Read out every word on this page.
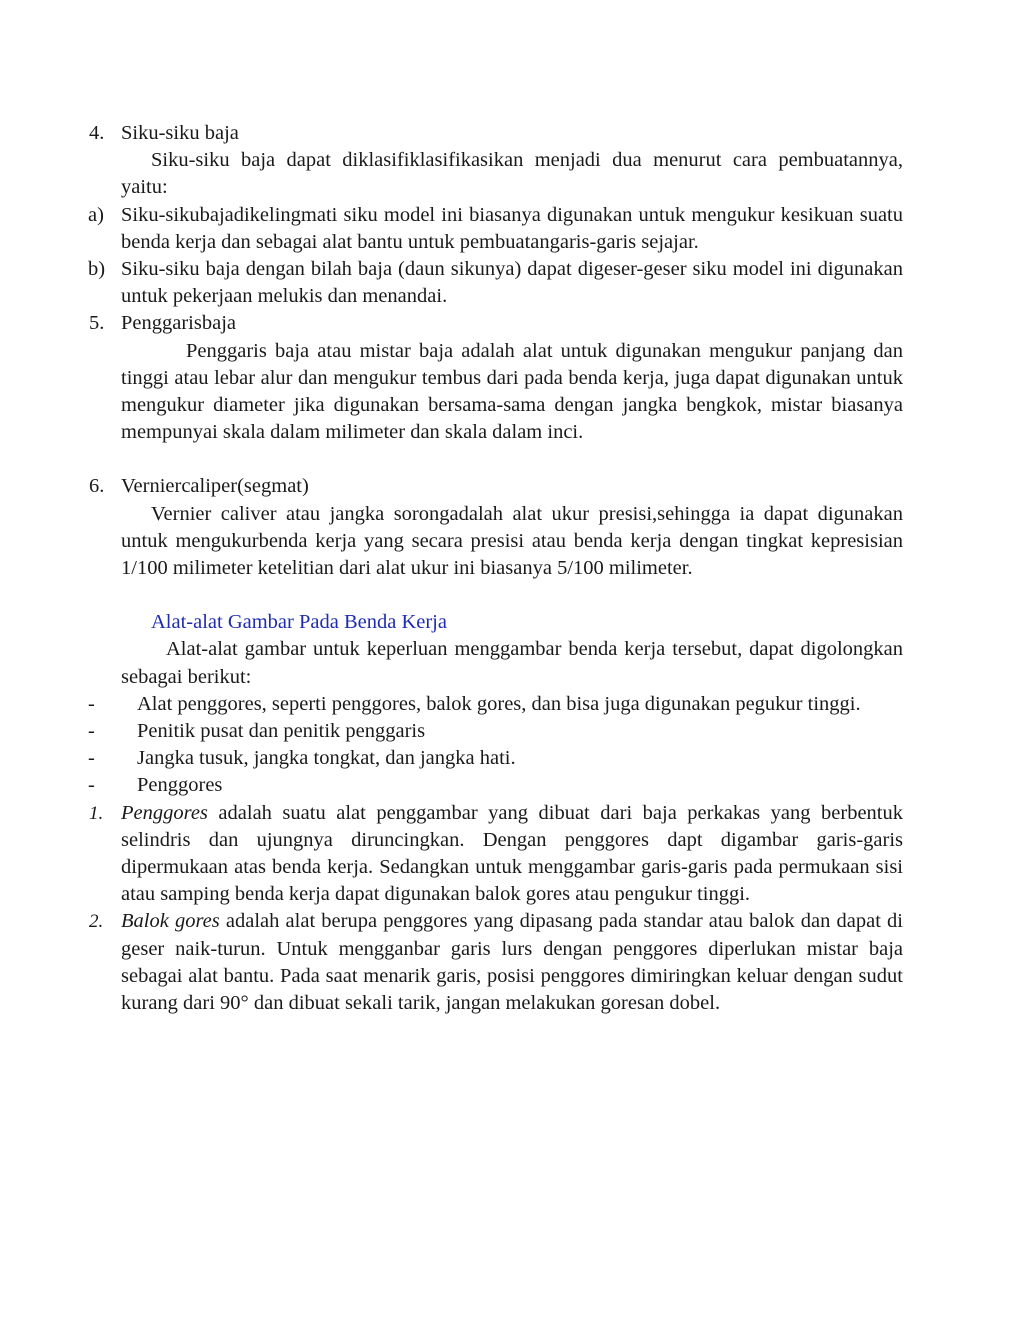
4. Siku-siku baja
Siku-siku baja dapat diklasifiklasifikasikan menjadi dua menurut cara pembuatannya, yaitu:
a) Siku-sikubajadikelingmati siku model ini biasanya digunakan untuk mengukur kesikuan suatu benda kerja dan sebagai alat bantu untuk pembuatangaris-garis sejajar.
b) Siku-siku baja dengan bilah baja (daun sikunya) dapat digeser-geser siku model ini digunakan untuk pekerjaan melukis dan menandai.
5. Penggarisbaja
Penggaris baja atau mistar baja adalah alat untuk digunakan mengukur panjang dan tinggi atau lebar alur dan mengukur tembus dari pada benda kerja, juga dapat digunakan untuk mengukur diameter jika digunakan bersama-sama dengan jangka bengkok, mistar biasanya mempunyai skala dalam milimeter dan skala dalam inci.
6. Verniercaliper(segmat)
Vernier caliver atau jangka sorongadalah alat ukur presisi,sehingga ia dapat digunakan untuk mengukurbenda kerja yang secara presisi atau benda kerja dengan tingkat kepresisian 1/100 milimeter ketelitian dari alat ukur ini biasanya 5/100 milimeter.
Alat-alat Gambar Pada Benda Kerja
Alat-alat gambar untuk keperluan menggambar benda kerja tersebut, dapat digolongkan sebagai berikut:
- Alat penggores, seperti penggores, balok gores, dan bisa juga digunakan pegukur tinggi.
- Penitik pusat dan penitik penggaris
- Jangka tusuk, jangka tongkat, dan jangka hati.
- Penggores
1. Penggores adalah suatu alat penggambar yang dibuat dari baja perkakas yang berbentuk selindris dan ujungnya diruncingkan. Dengan penggores dapt digambar garis-garis dipermukaan atas benda kerja. Sedangkan untuk menggambar garis-garis pada permukaan sisi atau samping benda kerja dapat digunakan balok gores atau pengukur tinggi.
2. Balok gores adalah alat berupa penggores yang dipasang pada standar atau balok dan dapat di geser naik-turun. Untuk mengganbar garis lurs dengan penggores diperlukan mistar baja sebagai alat bantu. Pada saat menarik garis, posisi penggores dimiringkan keluar dengan sudut kurang dari 90° dan dibuat sekali tarik, jangan melakukan goresan dobel.
